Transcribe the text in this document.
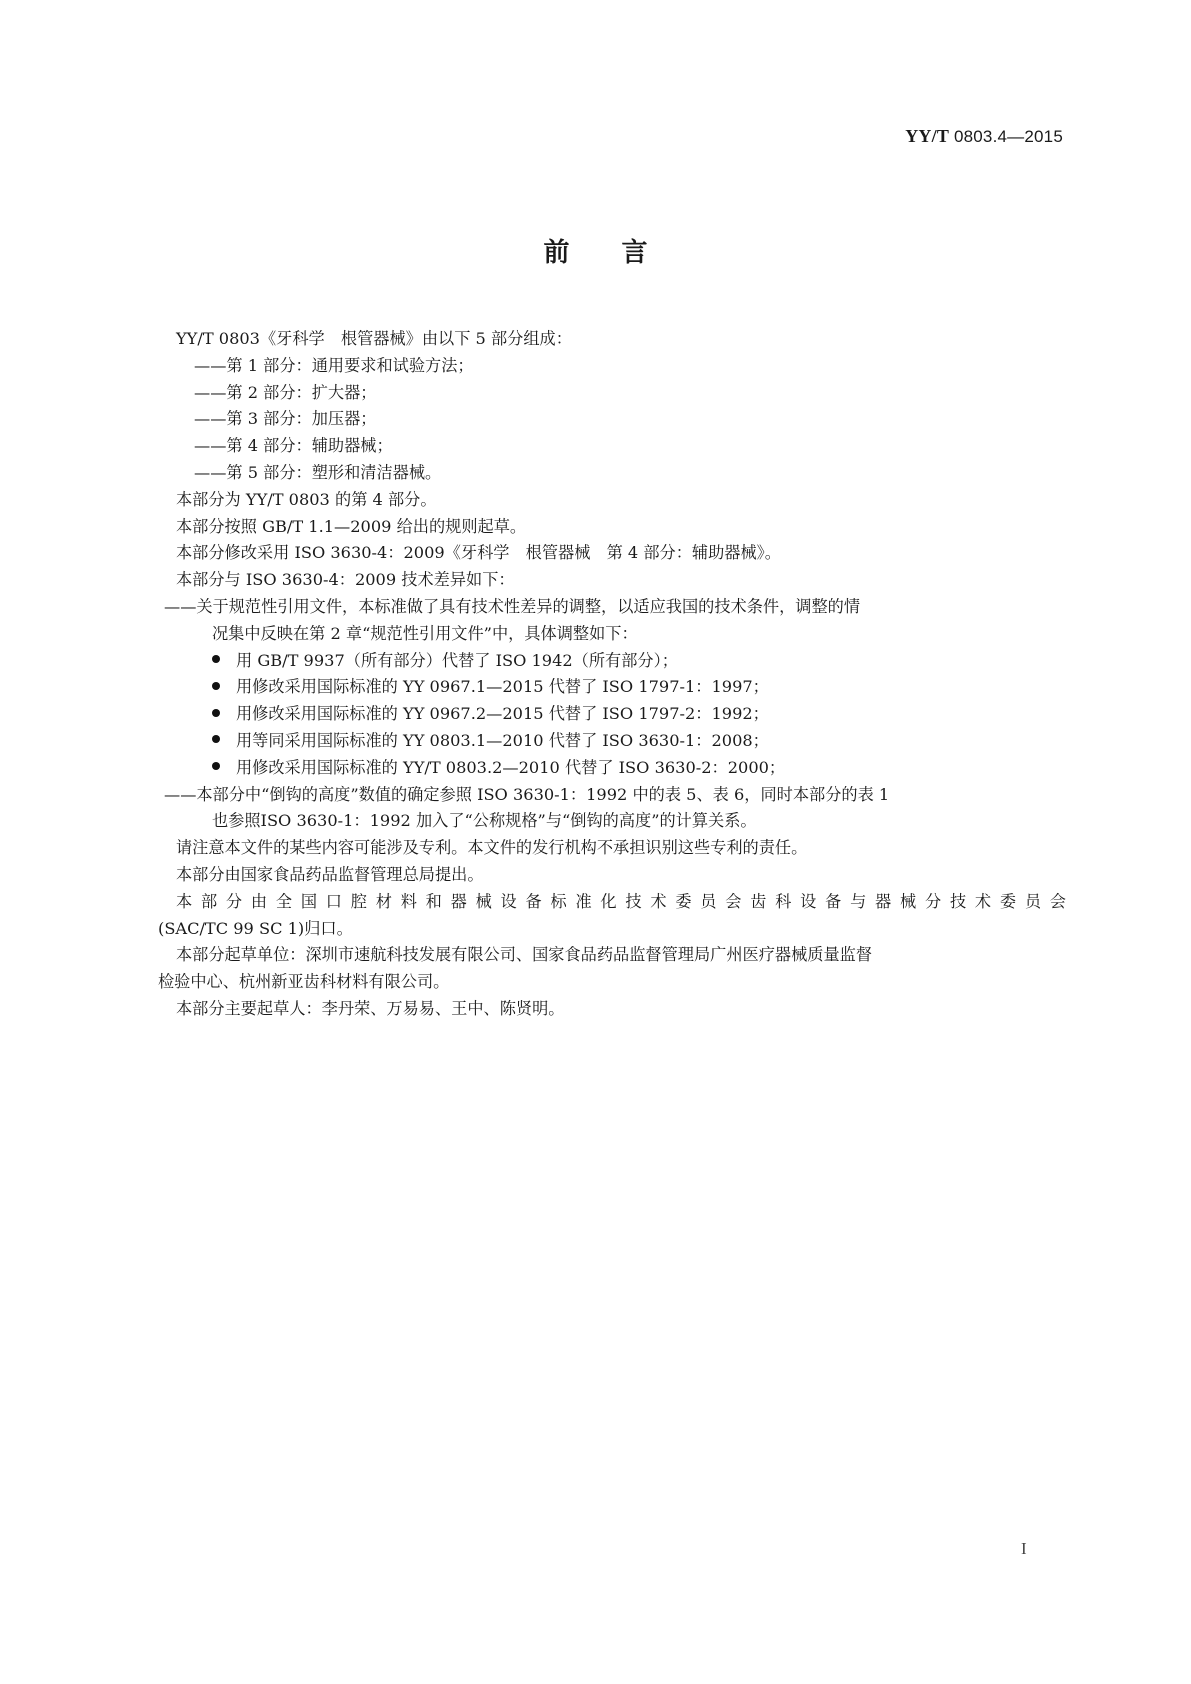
YY/T 0803.4—2015
前言
YY/T 0803《牙科学　根管器械》由以下 5 部分组成：
——第 1 部分：通用要求和试验方法；
——第 2 部分：扩大器；
——第 3 部分：加压器；
——第 4 部分：辅助器械；
——第 5 部分：塑形和清洁器械。
本部分为 YY/T 0803 的第 4 部分。
本部分按照 GB/T 1.1—2009 给出的规则起草。
本部分修改采用 ISO 3630-4：2009《牙科学　根管器械　第 4 部分：辅助器械》。
本部分与 ISO 3630-4：2009 技术差异如下：
——关于规范性引用文件，本标准做了具有技术性差异的调整，以适应我国的技术条件，调整的情
况集中反映在第 2 章“规范性引用文件”中，具体调整如下：
用 GB/T 9937（所有部分）代替了 ISO 1942（所有部分）；
用修改采用国际标准的 YY 0967.1—2015 代替了 ISO 1797-1：1997；
用修改采用国际标准的 YY 0967.2—2015 代替了 ISO 1797-2：1992；
用等同采用国际标准的 YY 0803.1—2010 代替了 ISO 3630-1：2008；
用修改采用国际标准的 YY/T 0803.2—2010 代替了 ISO 3630-2：2000；
——本部分中“倒钩的高度”数值的确定参照 ISO 3630-1：1992 中的表 5、表 6，同时本部分的表 1
也参照ISO 3630-1：1992 加入了“公称规格”与“倒钩的高度”的计算关系。
请注意本文件的某些内容可能涉及专利。本文件的发行机构不承担识别这些专利的责任。
本部分由国家食品药品监督管理总局提出。
本部分由全国口腔材料和器械设备标准化技术委员会齿科设备与器械分技术委员会
(SAC/TC 99 SC 1)归口。
本部分起草单位：深圳市速航科技发展有限公司、国家食品药品监督管理局广州医疗器械质量监督
检验中心、杭州新亚齿科材料有限公司。
本部分主要起草人：李丹荣、万易易、王中、陈贤明。
I
